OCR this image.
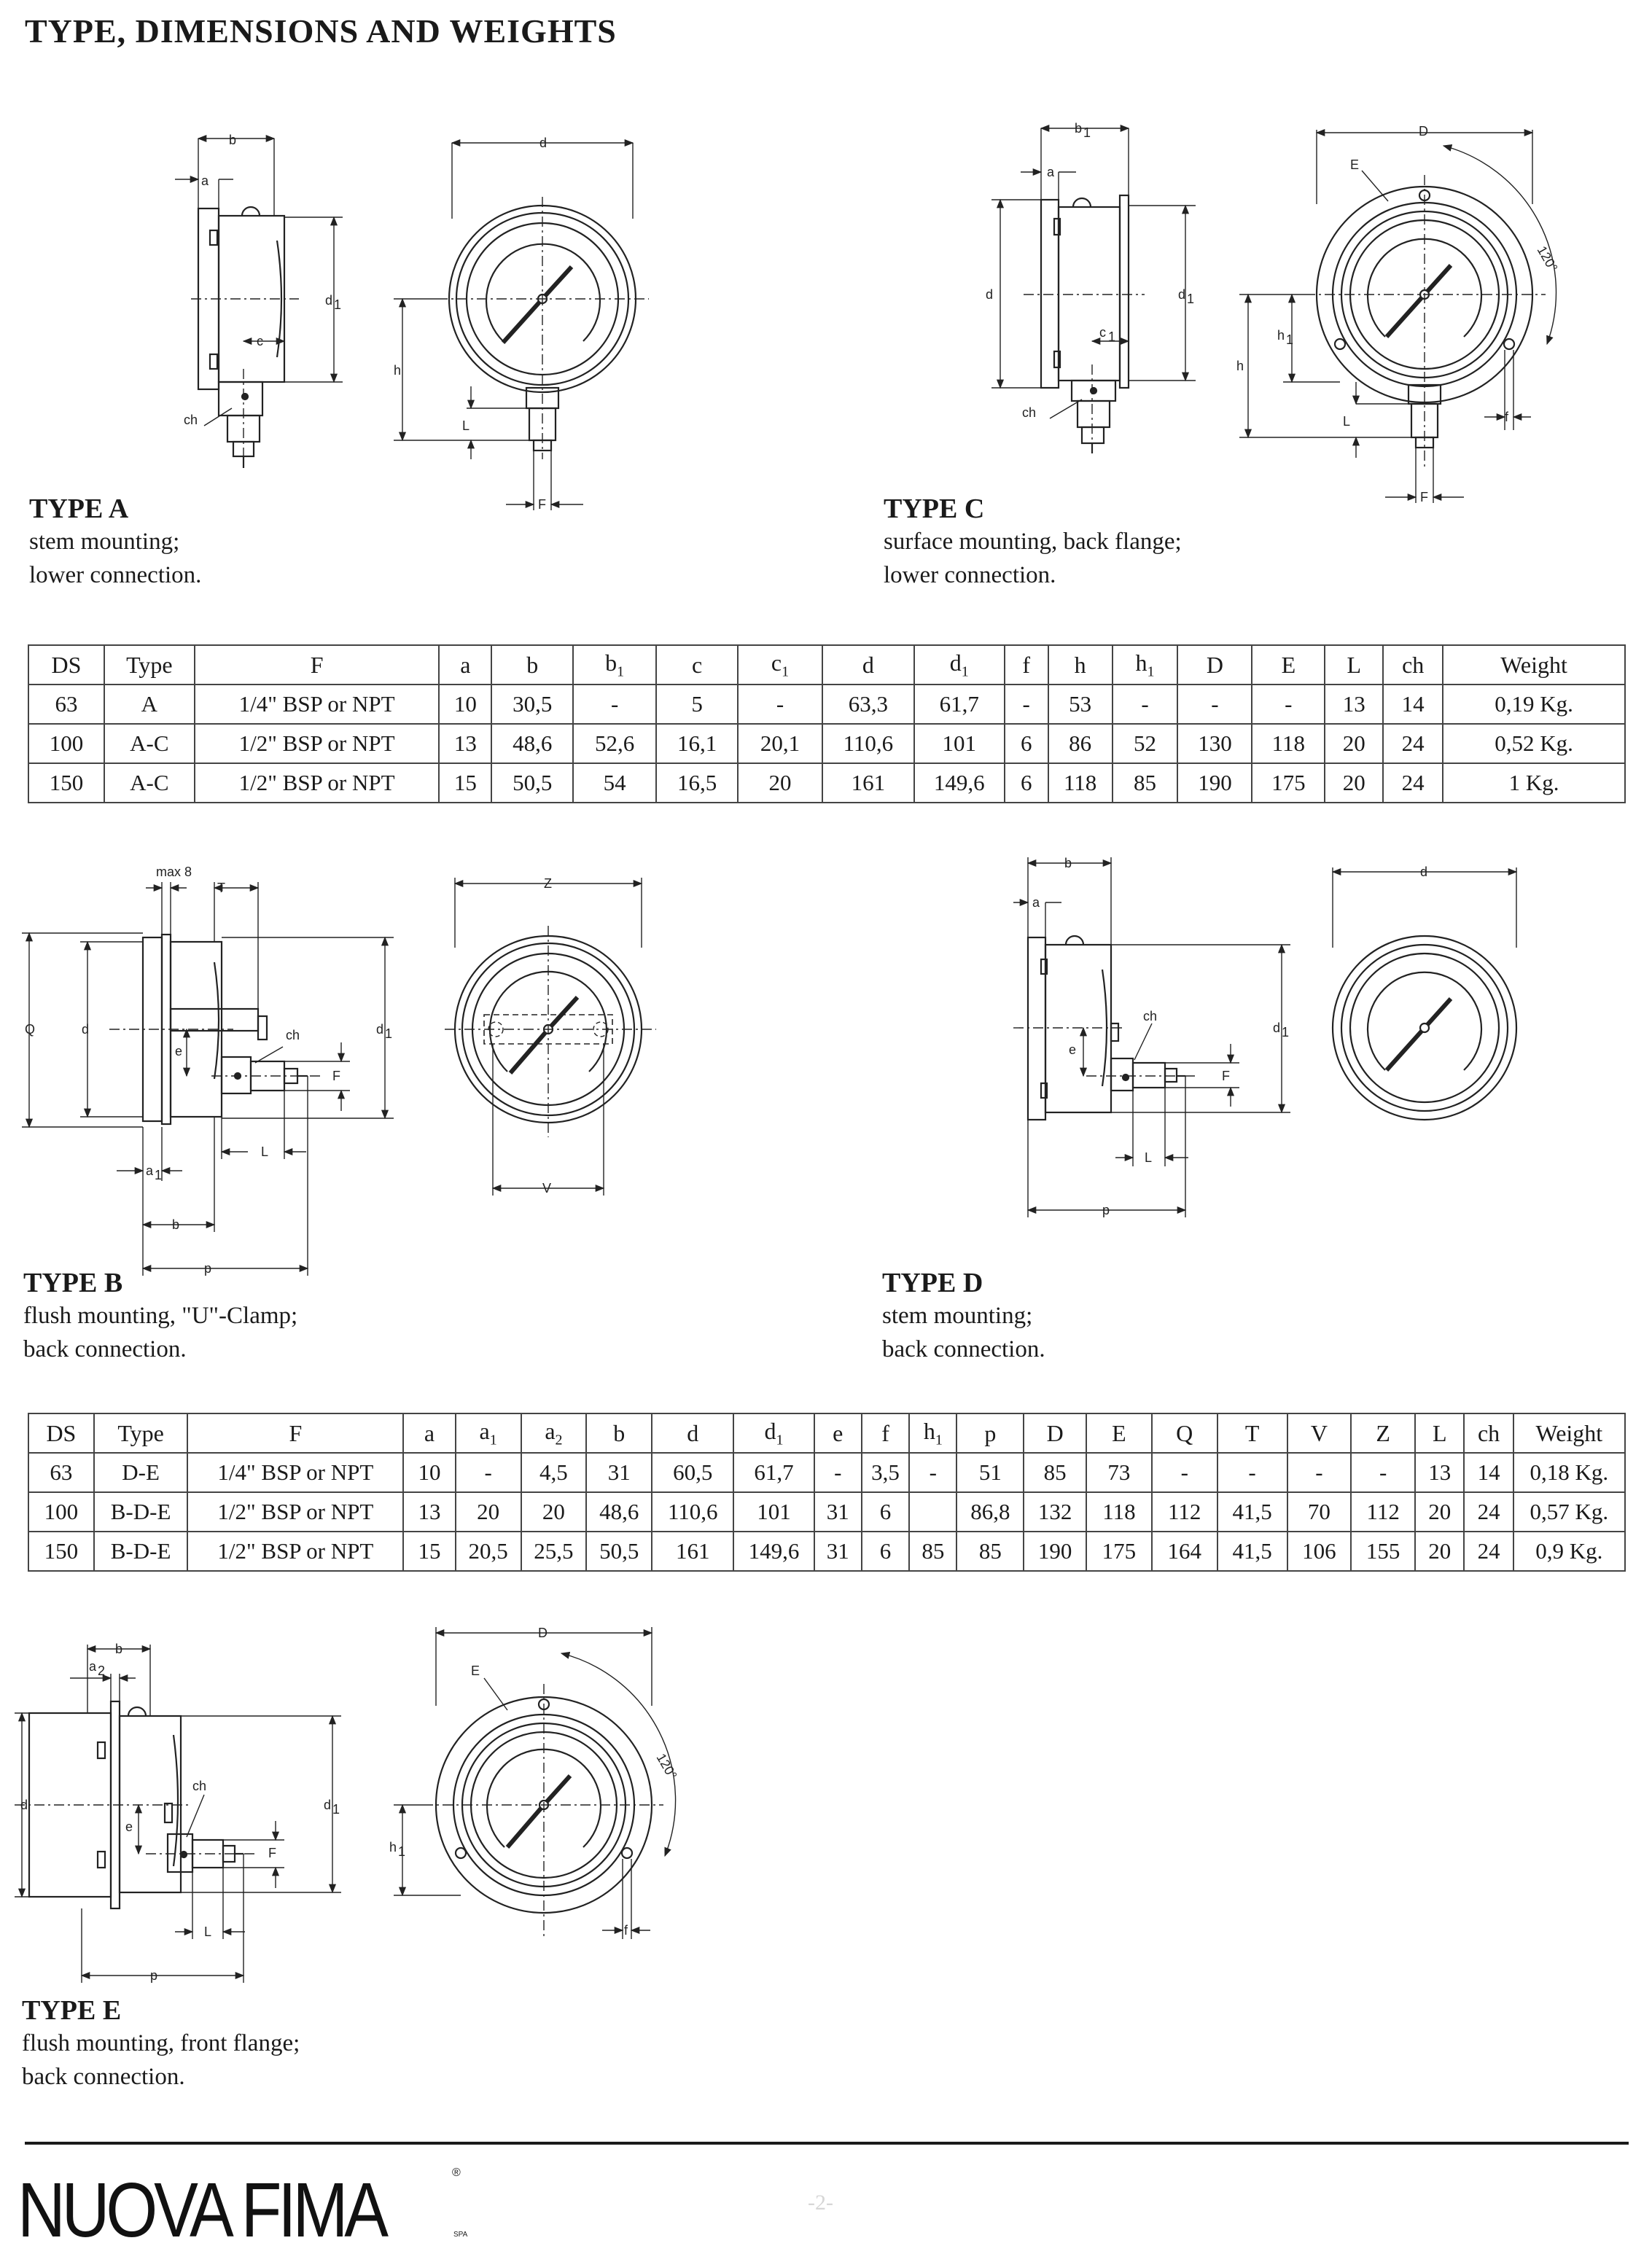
TYPE, DIMENSIONS AND WEIGHTS
b
a
d 1
c
ch
d
h
L
F
b 1
a
d	d 1
c 1
ch
D
E
120°
h
h 1
L	f
F
max 8
T
Q	d	d 1
ch
e
F
L
a 1
b
p
Z
V
b
a
d 1
ch
e
F
L
p
d
b
a 2
d	d 1
ch
e
F
L
p
D
E
120°
h 1
f
TYPE A
stem mounting;
lower connection.
TYPE C
surface mounting, back flange;
lower connection.
TYPE B
flush mounting, "U"-Clamp;
back connection.
TYPE D
stem mounting;
back connection.
TYPE E
flush mounting, front flange;
back connection.
DS	Type	F	a	b	$b_1$	c	$c_1$	d	$d_1$	f	h	$h_1$	D	E	L	ch	Weight
63	A	1/4" BSP or NPT	10	30,5	-	5	-	63,3	61,7	-	53	-	-	-	13	14	0,19 Kg.
100	A-C	1/2" BSP or NPT	13	48,6	52,6	16,1	20,1	110,6	101	6	86	52	130	118	20	24	0,52 Kg.
150	A-C	1/2" BSP or NPT	15	50,5	54	16,5	20	161	149,6	6	118	85	190	175	20	24	1 Kg.
DS	Type	F	a	$a_1$	$a_2$	b	d	$d_1$	e	f	$h_1$	p	D	E	Q	T	V	Z	L	ch	Weight
63	D-E	1/4" BSP or NPT	10	-	4,5	31	60,5	61,7	-	3,5	-	51	85	73	-	-	-	-	13	14	0,18 Kg.
100	B-D-E	1/2" BSP or NPT	13	20	20	48,6	110,6	101	31	6		86,8	132	118	112	41,5	70	112	20	24	0,57 Kg.
150	B-D-E	1/2" BSP or NPT	15	20,5	25,5	50,5	161	149,6	31	6	85	85	190	175	164	41,5	106	155	20	24	0,9 Kg.
NUOVA FIMA	®
SPA
-2-
